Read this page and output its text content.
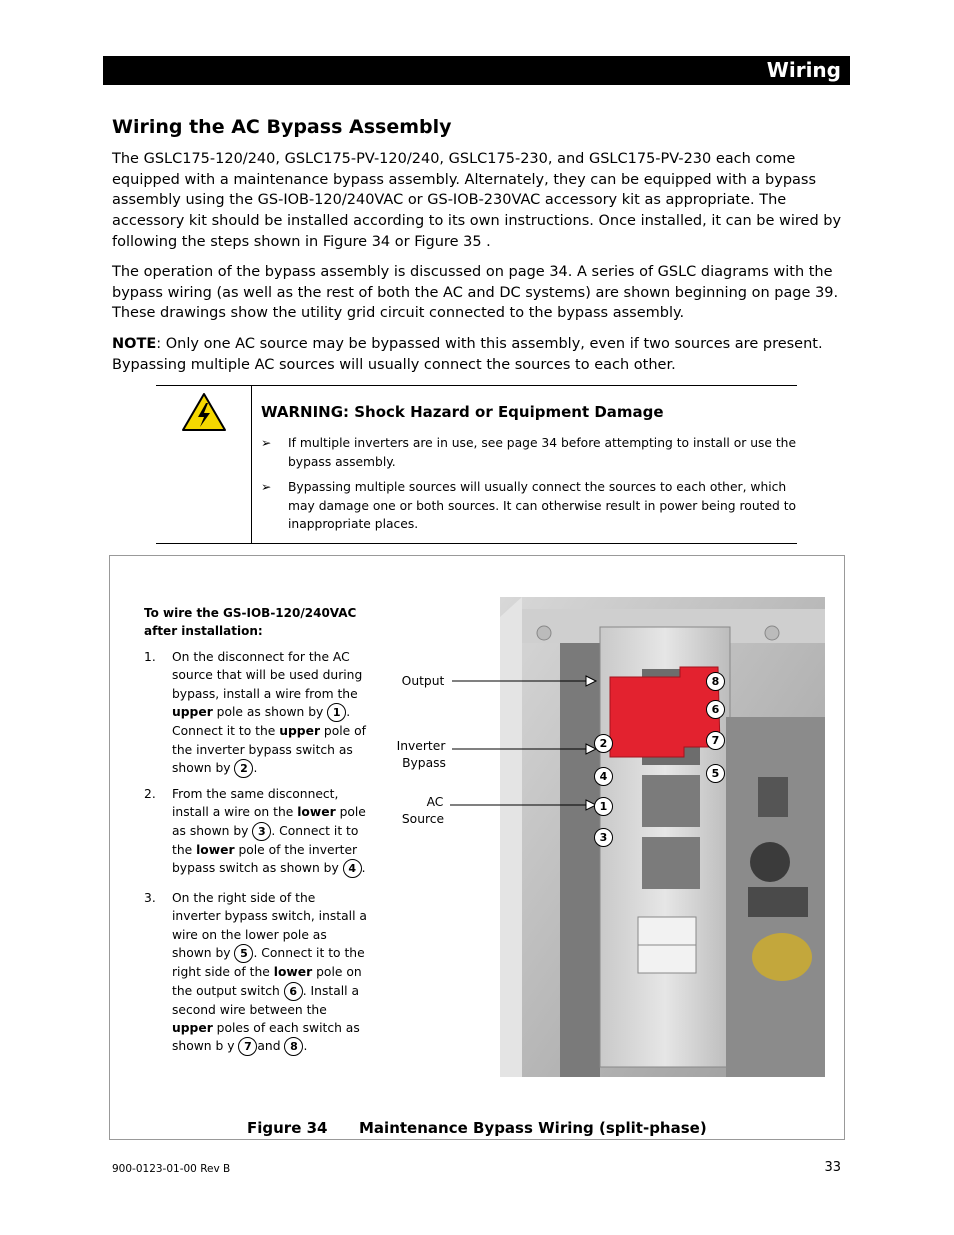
Wiring
Wiring the AC Bypass Assembly
The GSLC175-120/240, GSLC175-PV-120/240, GSLC175-230, and GSLC175-PV-230 each come equipped with a maintenance bypass assembly. Alternately, they can be equipped with a bypass assembly using the GS-IOB-120/240VAC or GS-IOB-230VAC accessory kit as appropriate. The accessory kit should be installed according to its own instructions. Once installed, it can be wired by following the steps shown in Figure 34 or Figure 35 .
The operation of the bypass assembly is discussed on page 34. A series of GSLC diagrams with the bypass wiring (as well as the rest of both the AC and DC systems) are shown beginning on page 39. These drawings show the utility grid circuit connected to the bypass assembly.
NOTE: Only one AC source may be bypassed with this assembly, even if two sources are present. Bypassing multiple AC sources will usually connect the sources to each other.
WARNING: Shock Hazard or Equipment Damage
➢ If multiple inverters are in use, see page 34 before attempting to install or use the bypass assembly.
➢ Bypassing multiple sources will usually connect the sources to each other, which may damage one or both sources. It can otherwise result in power being routed to inappropriate places.
To wire the GS-IOB-120/240VAC after installation:
1. On the disconnect for the AC source that will be used during bypass, install a wire from the upper pole as shown by 1 . Connect it to the upper pole of the inverter bypass switch as shown by 2 .
2. From the same disconnect, install a wire on the lower pole as shown by 3 . Connect it to the lower pole of the inverter bypass switch as shown by 4 .
3. On the right side of the inverter bypass switch, install a wire on the lower pole as shown by 5 . Connect it to the right side of the lower pole on the output switch 6 . Install a second wire between the upper poles of each switch as shown b y 7 and 8 .
Output
Inverter
Bypass
AC
Source
8
6
7
5
2
4
1
3
Figure 34 Maintenance Bypass Wiring (split-phase)
900-0123-01-00 Rev B	33
